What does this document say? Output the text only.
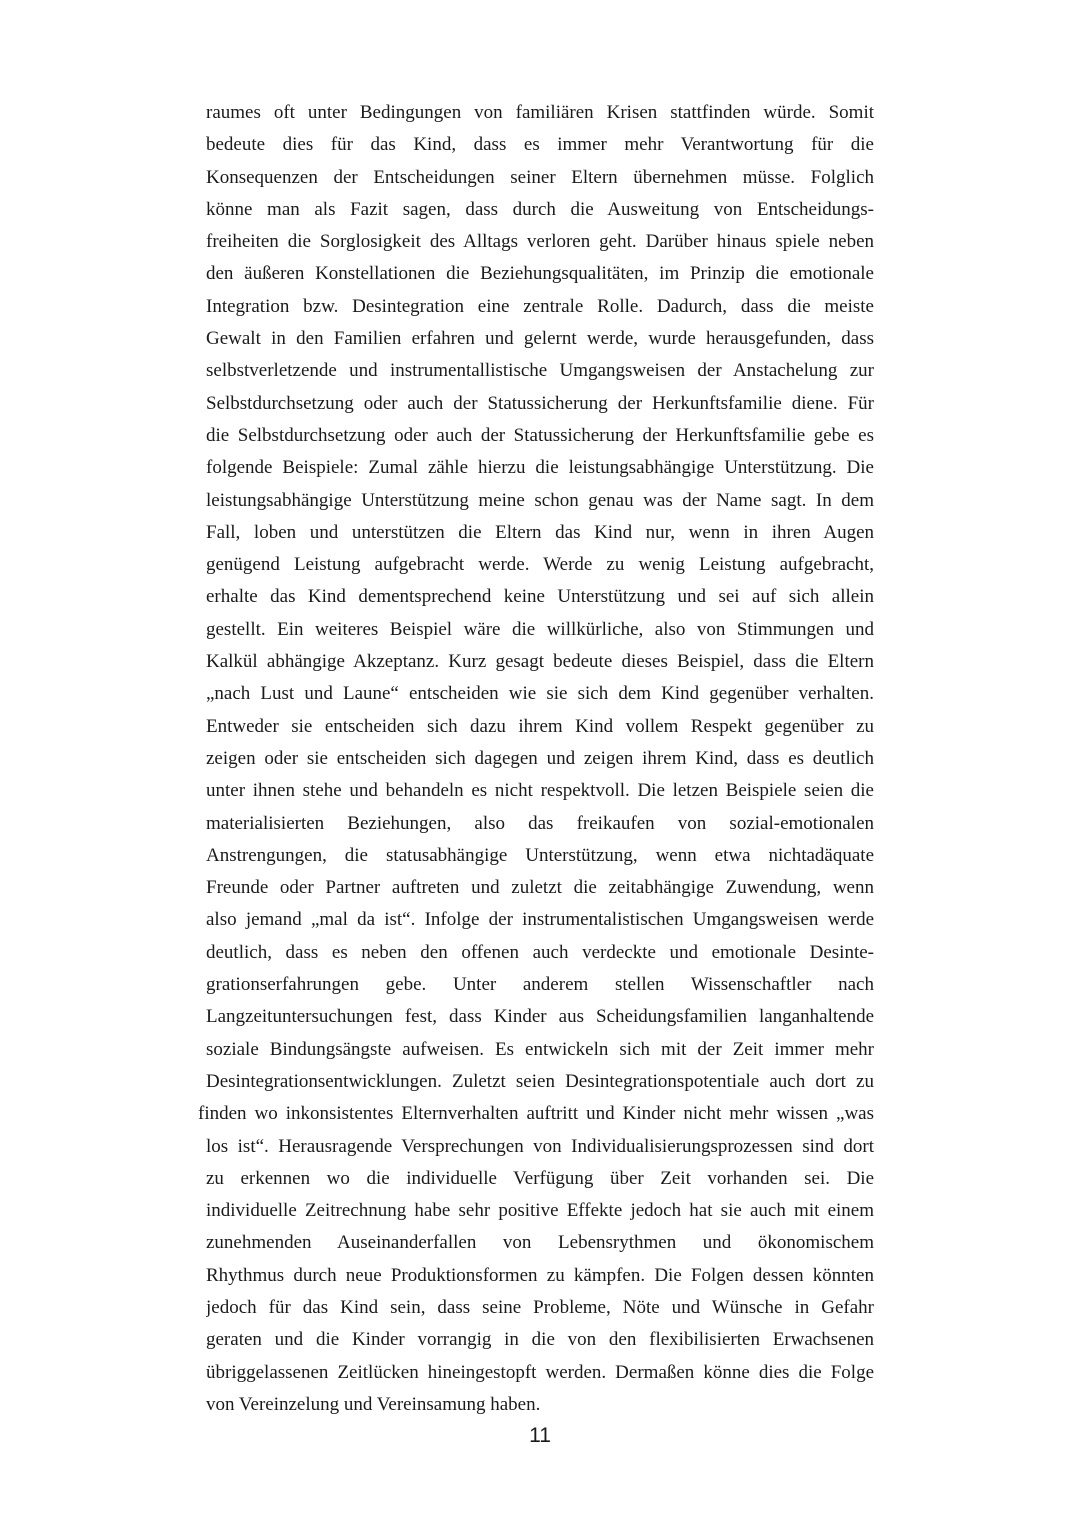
raumes oft unter Bedingungen von familiären Krisen stattfinden würde. Somit
bedeute dies für das Kind, dass es immer mehr Verantwortung für die
Konsequenzen der Entscheidungen seiner Eltern übernehmen müsse. Folglich
könne man als Fazit sagen, dass durch die Ausweitung von Entscheidungs-
freiheiten die Sorglosigkeit des Alltags verloren geht. Darüber hinaus spiele neben
den äußeren Konstellationen die Beziehungsqualitäten, im Prinzip die emotionale
Integration bzw. Desintegration eine zentrale Rolle. Dadurch, dass die meiste
Gewalt in den Familien erfahren und gelernt werde, wurde herausgefunden, dass
selbstverletzende und instrumentallistische Umgangsweisen der Anstachelung zur
Selbstdurchsetzung oder auch der Statussicherung der Herkunftsfamilie diene. Für
die Selbstdurchsetzung oder auch der Statussicherung der Herkunftsfamilie gebe es
folgende Beispiele: Zumal zähle hierzu die leistungsabhängige Unterstützung. Die
leistungsabhängige Unterstützung meine schon genau was der Name sagt. In dem
Fall, loben und unterstützen die Eltern das Kind nur, wenn in ihren Augen
genügend Leistung aufgebracht werde. Werde zu wenig Leistung aufgebracht,
erhalte das Kind dementsprechend keine Unterstützung und sei auf sich allein
gestellt. Ein weiteres Beispiel wäre die willkürliche, also von Stimmungen und
Kalkül abhängige Akzeptanz. Kurz gesagt bedeute dieses Beispiel, dass die Eltern
„nach Lust und Laune“ entscheiden wie sie sich dem Kind gegenüber verhalten.
Entweder sie entscheiden sich dazu ihrem Kind vollem Respekt gegenüber zu
zeigen oder sie entscheiden sich dagegen und zeigen ihrem Kind, dass es deutlich
unter ihnen stehe und behandeln es nicht respektvoll. Die letzen Beispiele seien die
materialisierten Beziehungen, also das freikaufen von sozial-emotionalen
Anstrengungen, die statusabhängige Unterstützung, wenn etwa nichtadäquate
Freunde oder Partner auftreten und zuletzt die zeitabhängige Zuwendung, wenn
also jemand „mal da ist“. Infolge der instrumentalistischen Umgangsweisen werde
deutlich, dass es neben den offenen auch verdeckte und emotionale Desinte-
grationserfahrungen gebe. Unter anderem stellen Wissenschaftler nach
Langzeituntersuchungen fest, dass Kinder aus Scheidungsfamilien langanhaltende
soziale Bindungsängste aufweisen. Es entwickeln sich mit der Zeit immer mehr
Desintegrationsentwicklungen. Zuletzt seien Desintegrationspotentiale auch dort zu
finden wo inkonsistentes Elternverhalten auftritt und Kinder nicht mehr wissen „was
los ist“. Herausragende Versprechungen von Individualisierungsprozessen sind dort
zu erkennen wo die individuelle Verfügung über Zeit vorhanden sei. Die
individuelle Zeitrechnung habe sehr positive Effekte jedoch hat sie auch mit einem
zunehmenden Auseinanderfallen von Lebensrythmen und ökonomischem
Rhythmus durch neue Produktionsformen zu kämpfen. Die Folgen dessen könnten
jedoch für das Kind sein, dass seine Probleme, Nöte und Wünsche in Gefahr
geraten und die Kinder vorrangig in die von den flexibilisierten Erwachsenen
übriggelassenen Zeitlücken hineingestopft werden. Dermaßen könne dies die Folge
von Vereinzelung und Vereinsamung haben.
11
